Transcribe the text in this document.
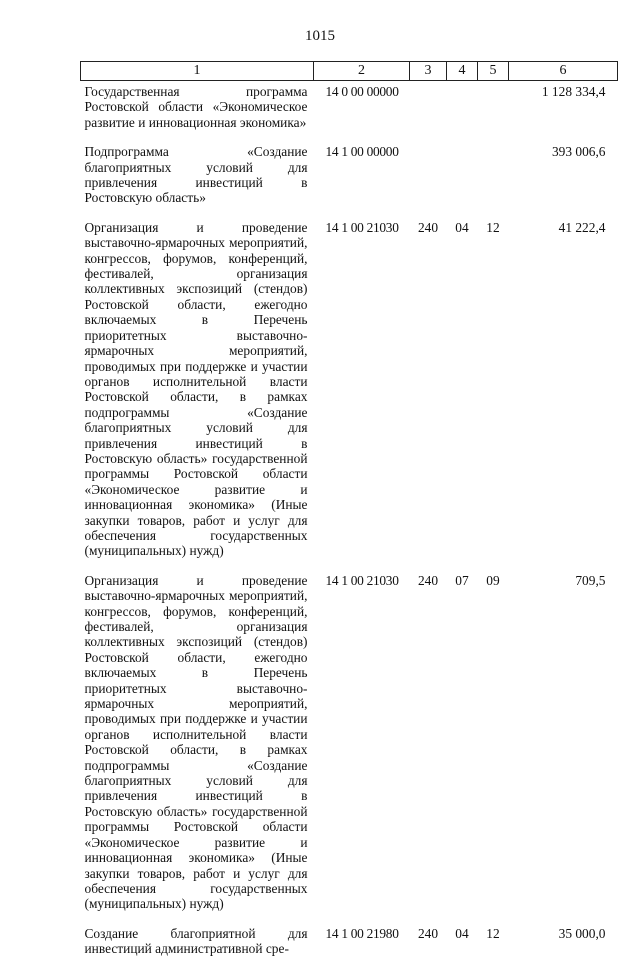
1015
1	2	3	4	5	6
Государственная программа Ростовской области «Экономическое развитие и инновационная экономика»	14 0 00 00000				1 128 334,4
Подпрограмма «Создание благоприятных условий для привлечения инвестиций в Ростовскую область»	14 1 00 00000				393 006,6
Организация и проведение выставочно-ярмарочных мероприятий, конгрессов, форумов, конференций, фестивалей, организация коллективных экспозиций (стендов) Ростовской области, ежегодно включаемых в Перечень приоритетных выставочно-ярмарочных мероприятий, проводимых при поддержке и участии органов исполнительной власти Ростовской области, в рамках подпрограммы «Создание благоприятных условий для привлечения инвестиций в Ростовскую область» государственной программы Ростовской области «Экономическое развитие и инновационная экономика» (Иные закупки товаров, работ и услуг для обеспечения государственных (муниципальных) нужд)	14 1 00 21030	240	04	12	41 222,4
Организация и проведение выставочно-ярмарочных мероприятий, конгрессов, форумов, конференций, фестивалей, организация коллективных экспозиций (стендов) Ростовской области, ежегодно включаемых в Перечень приоритетных выставочно-ярмарочных мероприятий, проводимых при поддержке и участии органов исполнительной власти Ростовской области, в рамках подпрограммы «Создание благоприятных условий для привлечения инвестиций в Ростовскую область» государственной программы Ростовской области «Экономическое развитие и инновационная экономика» (Иные закупки товаров, работ и услуг для обеспечения государственных (муниципальных) нужд)	14 1 00 21030	240	07	09	709,5
Создание благоприятной для инвестиций административной сре-	14 1 00 21980	240	04	12	35 000,0
